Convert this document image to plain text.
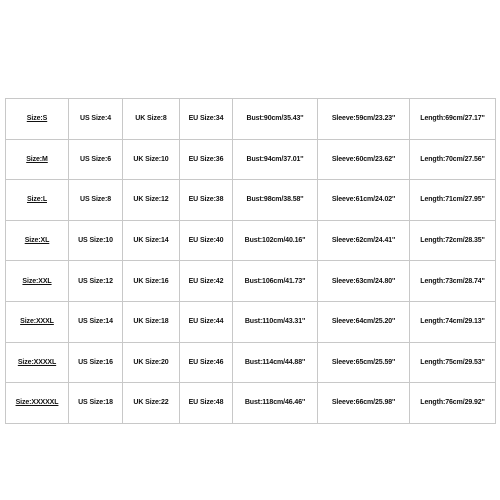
Size:S	US Size:4	UK Size:8	EU Size:34	Bust:90cm/35.43''	Sleeve:59cm/23.23''	Length:69cm/27.17''
Size:M	US Size:6	UK Size:10	EU Size:36	Bust:94cm/37.01''	Sleeve:60cm/23.62''	Length:70cm/27.56''
Size:L	US Size:8	UK Size:12	EU Size:38	Bust:98cm/38.58''	Sleeve:61cm/24.02''	Length:71cm/27.95''
Size:XL	US Size:10	UK Size:14	EU Size:40	Bust:102cm/40.16''	Sleeve:62cm/24.41''	Length:72cm/28.35''
Size:XXL	US Size:12	UK Size:16	EU Size:42	Bust:106cm/41.73''	Sleeve:63cm/24.80''	Length:73cm/28.74''
Size:XXXL	US Size:14	UK Size:18	EU Size:44	Bust:110cm/43.31''	Sleeve:64cm/25.20''	Length:74cm/29.13''
Size:XXXXL	US Size:16	UK Size:20	EU Size:46	Bust:114cm/44.88''	Sleeve:65cm/25.59''	Length:75cm/29.53''
Size:XXXXXL	US Size:18	UK Size:22	EU Size:48	Bust:118cm/46.46''	Sleeve:66cm/25.98''	Length:76cm/29.92''
